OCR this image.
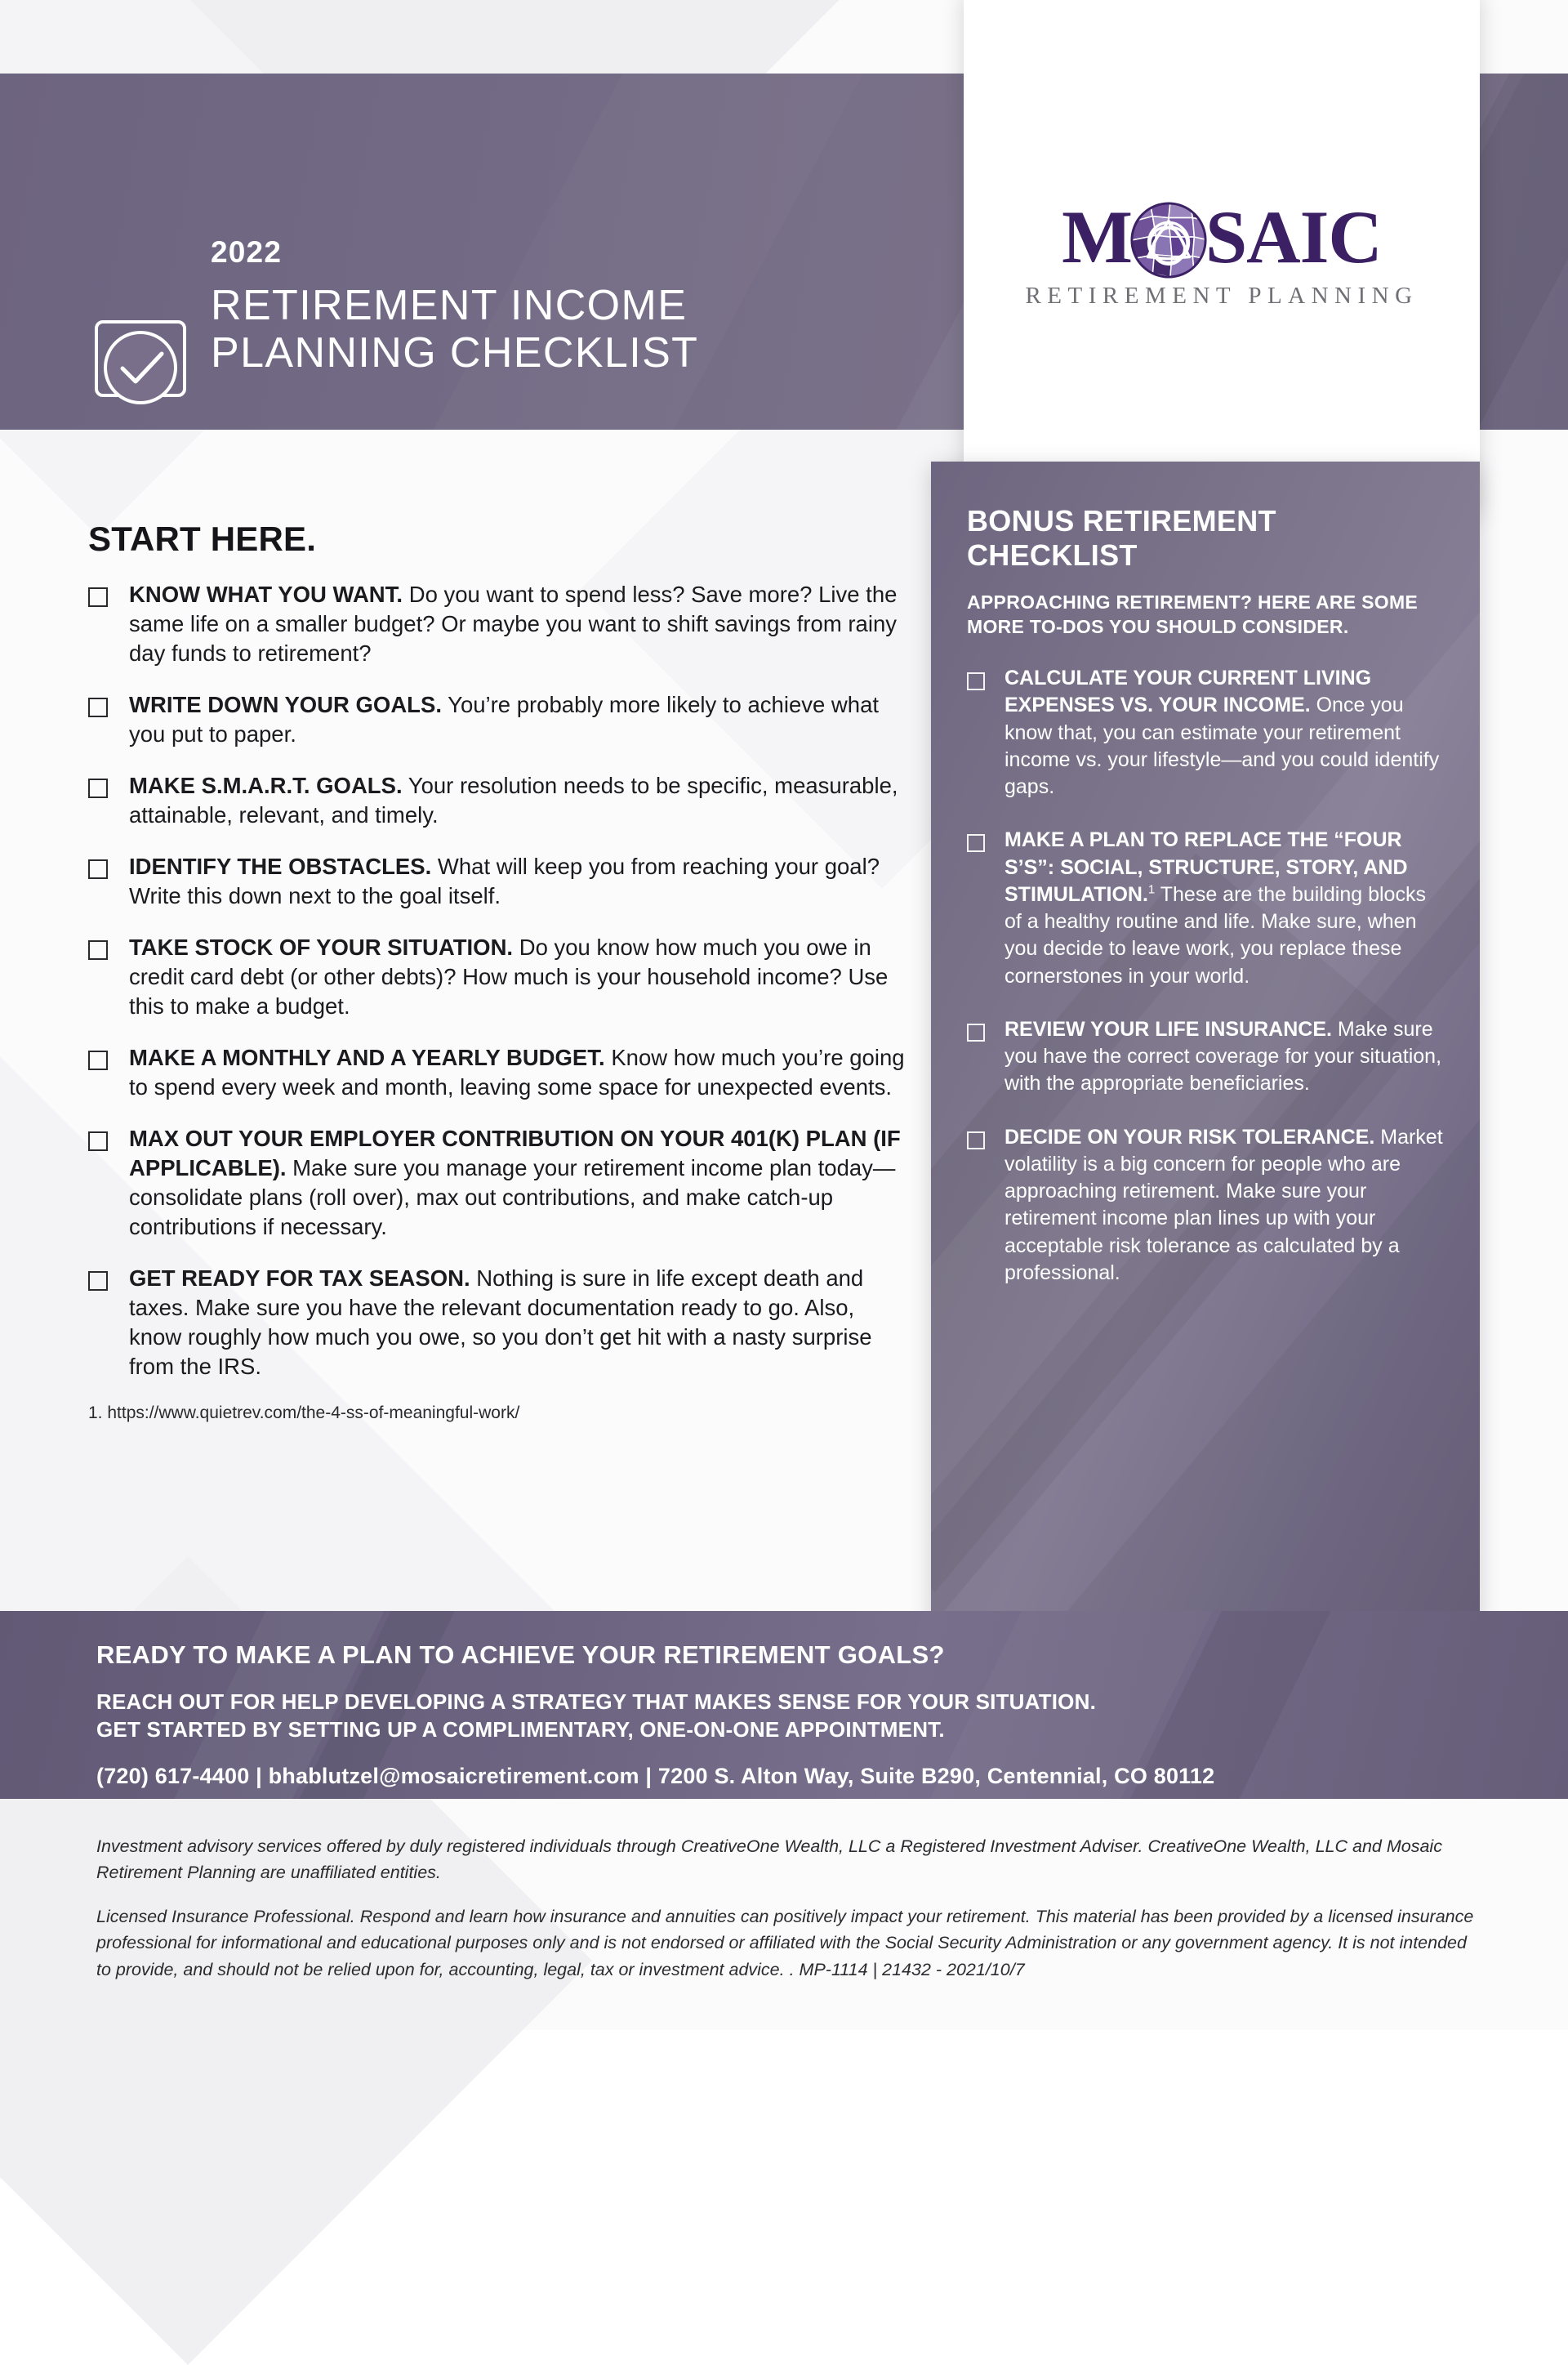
2022
RETIREMENT INCOME
PLANNING CHECKLIST
M SAIC
RETIREMENT PLANNING
START HERE.
KNOW WHAT YOU WANT. Do you want to spend less? Save more? Live the same life on a smaller budget? Or maybe you want to shift savings from rainy day funds to retirement?
WRITE DOWN YOUR GOALS. You’re probably more likely to achieve what you put to paper.
MAKE S.M.A.R.T. GOALS. Your resolution needs to be specific, measurable, attainable, relevant, and timely.
IDENTIFY THE OBSTACLES. What will keep you from reaching your goal? Write this down next to the goal itself.
TAKE STOCK OF YOUR SITUATION. Do you know how much you owe in credit card debt (or other debts)? How much is your household income? Use this to make a budget.
MAKE A MONTHLY AND A YEARLY BUDGET. Know how much you’re going to spend every week and month, leaving some space for unexpected events.
MAX OUT YOUR EMPLOYER CONTRIBUTION ON YOUR 401(K) PLAN (IF APPLICABLE). Make sure you manage your retirement income plan today—consolidate plans (roll over), max out contributions, and make catch-up contributions if necessary.
GET READY FOR TAX SEASON. Nothing is sure in life except death and taxes. Make sure you have the relevant documentation ready to go. Also, know roughly how much you owe, so you don’t get hit with a nasty surprise from the IRS.
1. https://www.quietrev.com/the-4-ss-of-meaningful-work/
BONUS RETIREMENT
CHECKLIST
APPROACHING RETIREMENT? HERE ARE SOME MORE TO-DOS YOU SHOULD CONSIDER.
CALCULATE YOUR CURRENT LIVING EXPENSES VS. YOUR INCOME. Once you know that, you can estimate your retirement income vs. your lifestyle—and you could identify gaps.
MAKE A PLAN TO REPLACE THE “FOUR S’S”: SOCIAL, STRUCTURE, STORY, AND STIMULATION.$^1$ These are the building blocks of a healthy routine and life. Make sure, when you decide to leave work, you replace these cornerstones in your world.
REVIEW YOUR LIFE INSURANCE. Make sure you have the correct coverage for your situation, with the appropriate beneficiaries.
DECIDE ON YOUR RISK TOLERANCE. Market volatility is a big concern for people who are approaching retirement. Make sure your retirement income plan lines up with your acceptable risk tolerance as calculated by a professional.
READY TO MAKE A PLAN TO ACHIEVE YOUR RETIREMENT GOALS?
REACH OUT FOR HELP DEVELOPING A STRATEGY THAT MAKES SENSE FOR YOUR SITUATION.
GET STARTED BY SETTING UP A COMPLIMENTARY, ONE-ON-ONE APPOINTMENT.
(720) 617-4400 | bhablutzel@mosaicretirement.com | 7200 S. Alton Way, Suite B290, Centennial, CO 80112
Investment advisory services offered by duly registered individuals through CreativeOne Wealth, LLC a Registered Investment Adviser. CreativeOne Wealth, LLC and Mosaic Retirement Planning are unaffiliated entities.
Licensed Insurance Professional. Respond and learn how insurance and annuities can positively impact your retirement. This material has been provided by a licensed insurance professional for informational and educational purposes only and is not endorsed or affiliated with the Social Security Administration or any government agency. It is not intended to provide, and should not be relied upon for, accounting, legal, tax or investment advice. . MP-1114 | 21432 - 2021/10/7
